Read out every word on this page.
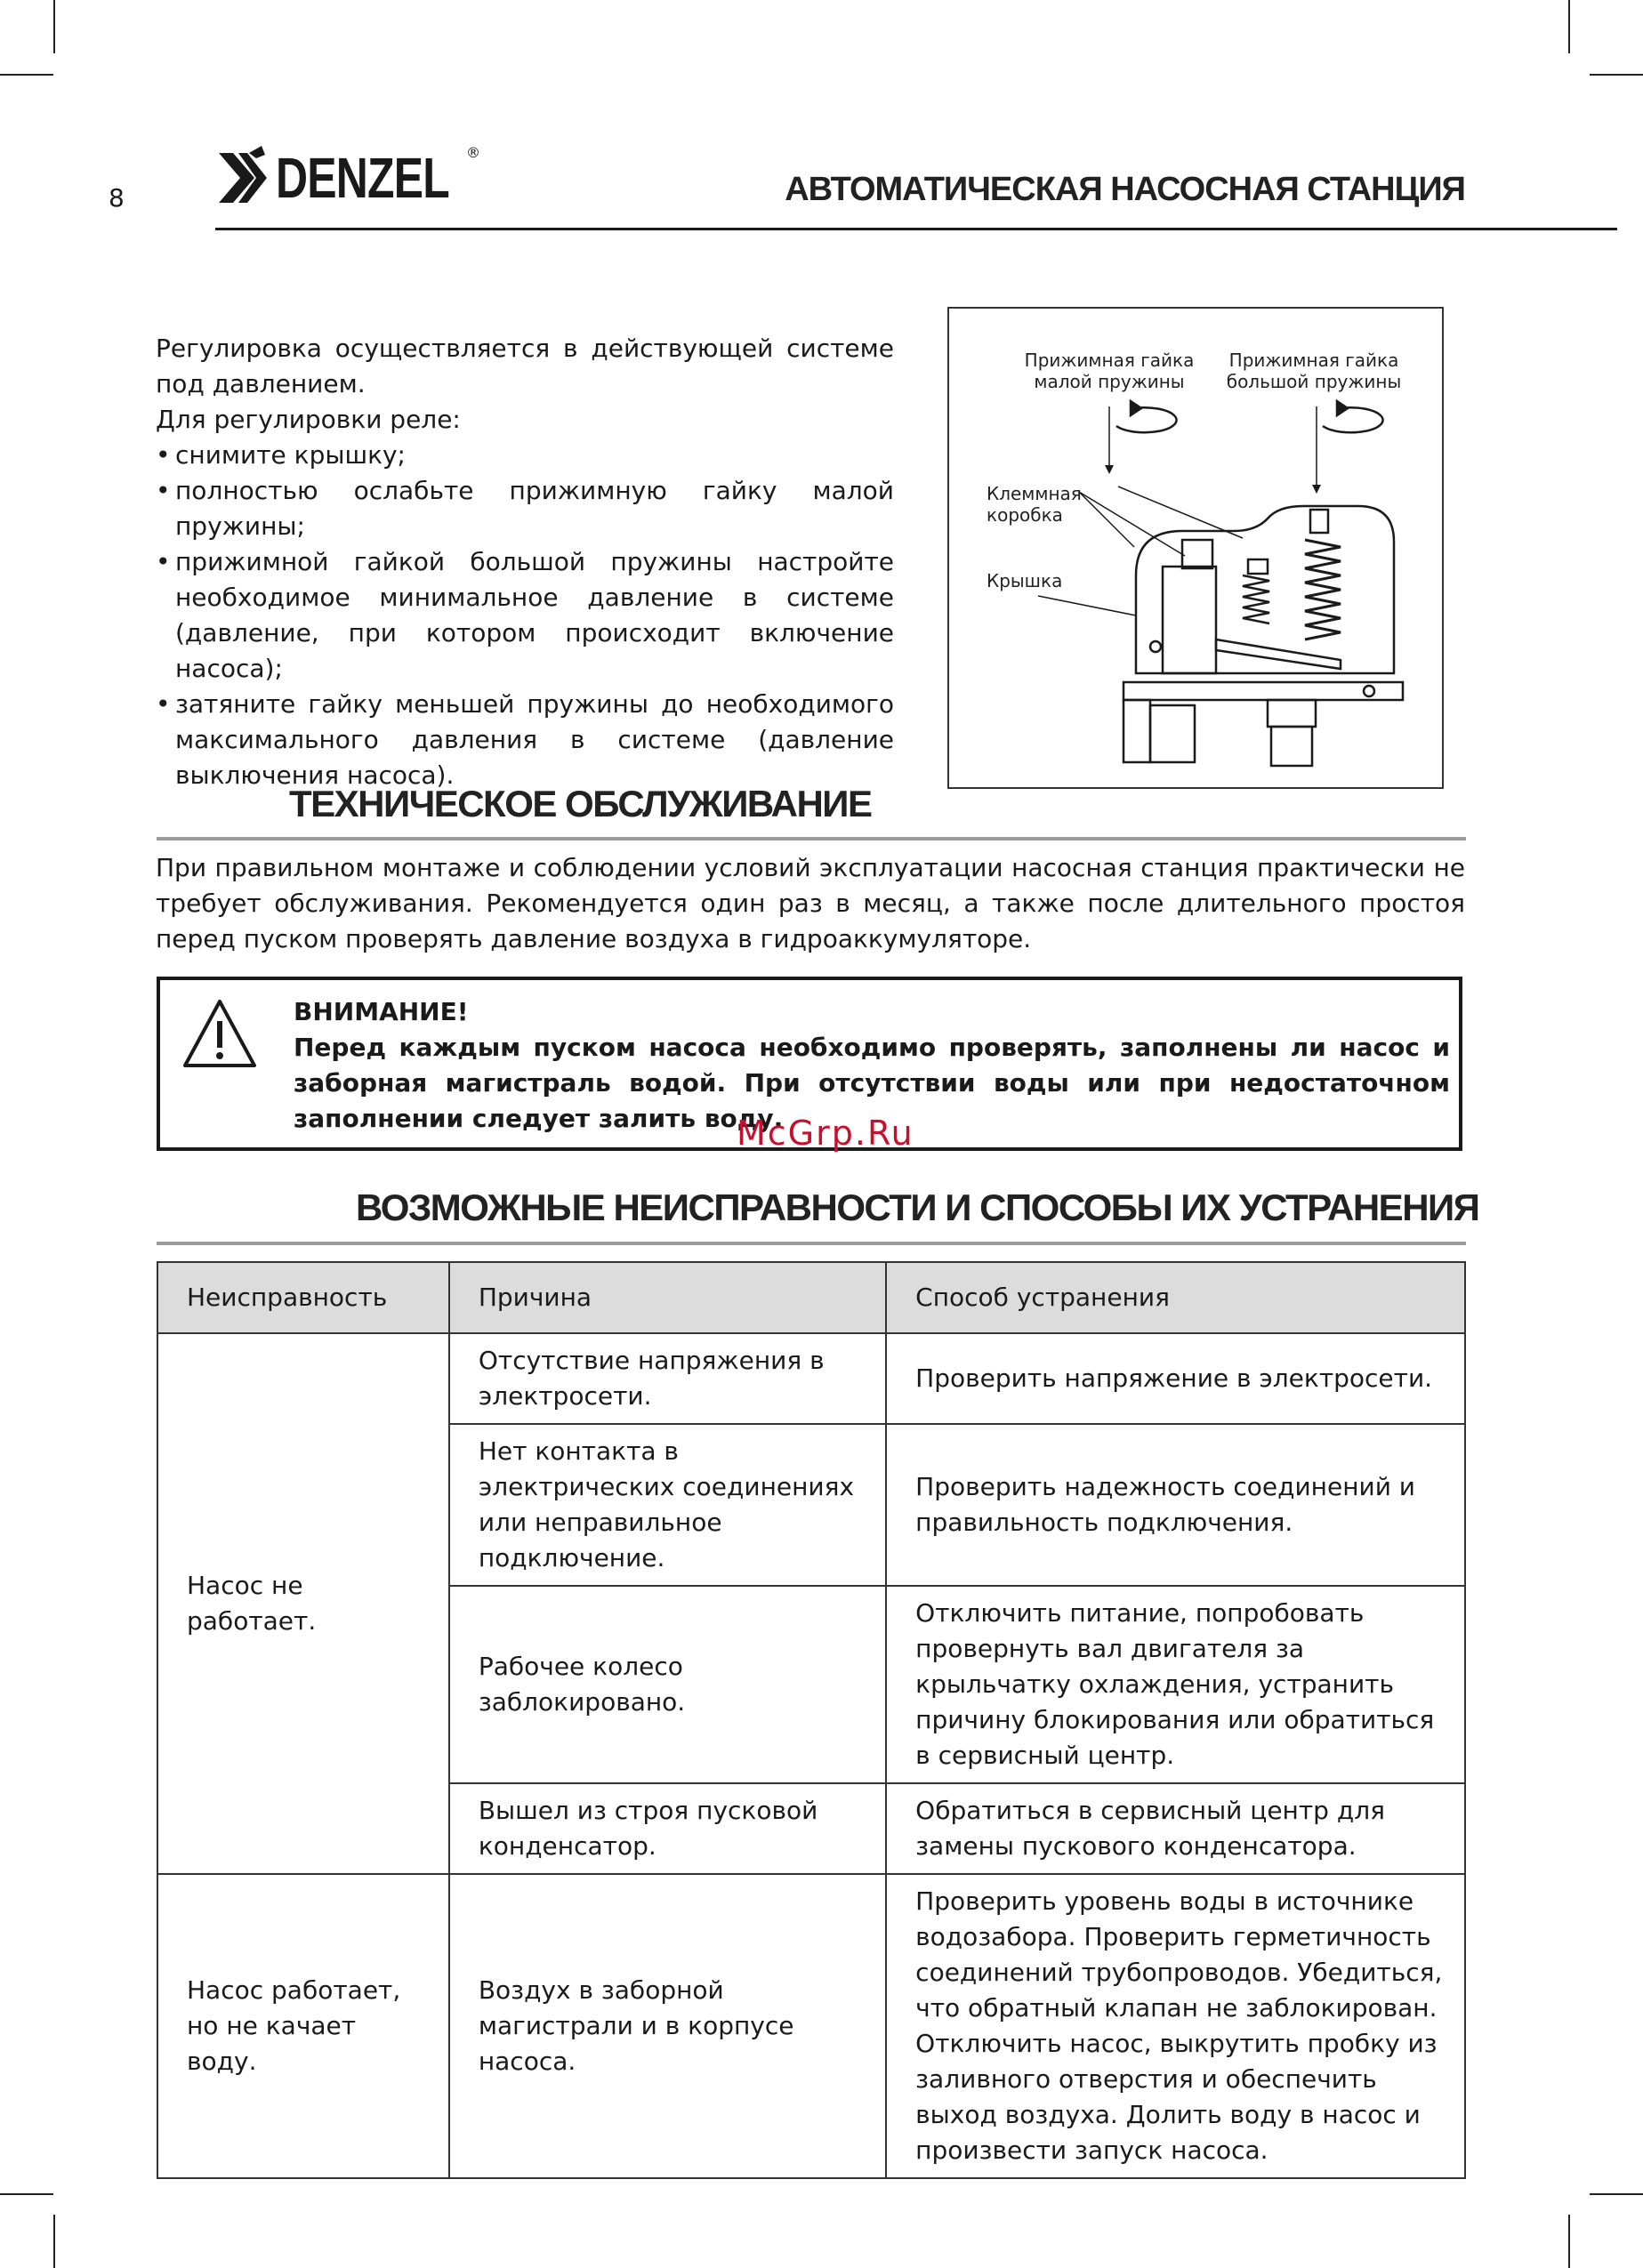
8	DENZEL ®
АВТОМАТИЧЕСКАЯ НАСОСНАЯ СТАНЦИЯ

Регулировка осуществляется в действующей системе под давлением.

Для регулировки реле:

• снимите крышку;
• полностью ослабьте прижимную гайку малой пружины;
• прижимной гайкой большой пружины настройте необходимое минимальное давление в системе (давление, при котором происходит включение насоса);
• затяните гайку меньшей пружины до необходимого максимального давления в системе (давление выключения насоса).
Прижимная гайка
малой пружины
Прижимная гайка
большой пружины
Клеммная
коробка
Крышка
ТЕХНИЧЕСКОЕ ОБСЛУЖИВАНИЕ
При правильном монтаже и соблюдении условий эксплуатации насосная станция практически не требует обслуживания. Рекомендуется один раз в месяц, а также после длительного простоя перед пуском проверять давление воздуха в гидроаккумуляторе.
ВНИМАНИЕ!
Перед каждым пуском насоса необходимо проверять, заполнены ли насос и заборная магистраль водой. При отсутствии воды или при недостаточном заполнении следует залить воду.
McGrp.Ru
ВОЗМОЖНЫЕ НЕИСПРАВНОСТИ И СПОСОБЫ ИХ УСТРАНЕНИЯ
Неисправность	Причина	Способ устранения
Насос не работает.	Отсутствие напряжения в электросети.	Проверить напряжение в электросети.
	Нет контакта в электрических соединениях или неправильное подключение.	Проверить надежность соединений и правильность подключения.
	Рабочее колесо заблокировано.	Отключить питание, попробовать провернуть вал двигателя за крыльчатку охлаждения, устранить причину блокирования или обратиться в сервисный центр.
	Вышел из строя пусковой конденсатор.	Обратиться в сервисный центр для замены пускового конденсатора.
Насос работает, но не качает воду.	Воздух в заборной магистрали и в корпусе насоса.	Проверить уровень воды в источнике водозабора. Проверить герметичность соединений трубопроводов. Убедиться, что обратный клапан не заблокирован. Отключить насос, выкрутить пробку из заливного отверстия и обеспечить выход воздуха. Долить воду в насос и произвести запуск насоса.
